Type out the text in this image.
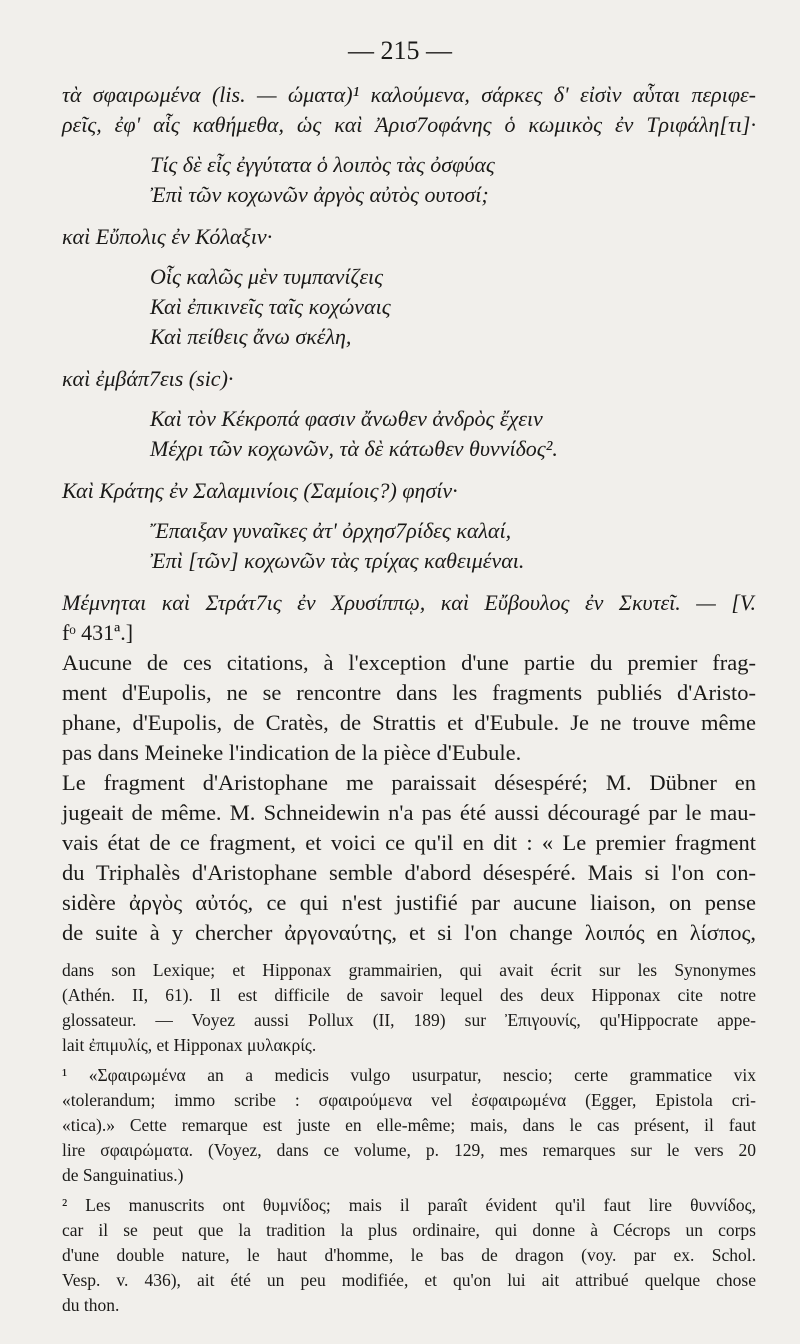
— 215 —
τὰ σφαιρωμένα (lis. — ώματα)¹ καλούμενα, σάρκες δ' εἰσὶν αὗται περιφε-
ρεῖς, ἐφ' αἷς καθήμεθα, ὡς καὶ Ἀρισ7οφάνης ὁ κωμικὸς ἐν Τριφάλη[τι]·
Τίς δὲ εἶς ἐγγύτατα ὁ λοιπὸς τὰς ὀσφύας
Ἐπὶ τῶν κοχωνῶν ἀργὸς αὐτὸς ουτοσί;
καὶ Εὔπολις ἐν Κόλαξιν·
Οἷς καλῶς μὲν τυμπανίζεις
Καὶ ἐπικινεῖς ταῖς κοχώναις
Καὶ πείθεις ἄνω σκέλη,
καὶ ἐμβάπ7ειs (sic)·
Καὶ τὸν Κέκροπά φασιν ἄνωθεν ἀνδρὸς ἔχειν
Μέχρι τῶν κοχωνῶν, τὰ δὲ κάτωθεν θυννίδος².
Καὶ Κράτης ἐν Σαλαμινίοις (Σαμίοις?) φησίν·
Ἔπαιξαν γυναῖκες ἀτ' ὀρχησ7ρίδες καλαί,
Ἐπὶ [τῶν] κοχωνῶν τὰς τρίχας καθειμέναι.
Μέμνηται καὶ Στράτ7ις ἐν Χρυσίππῳ, καὶ Εὔβουλος ἐν Σκυτεῖ. — [V.
fᵒ 431ª.]
Aucune de ces citations, à l'exception d'une partie du premier frag-
ment d'Eupolis, ne se rencontre dans les fragments publiés d'Aristo-
phane, d'Eupolis, de Cratès, de Strattis et d'Eubule. Je ne trouve même
pas dans Meineke l'indication de la pièce d'Eubule.
Le fragment d'Aristophane me paraissait désespéré; M. Dübner en
jugeait de même. M. Schneidewin n'a pas été aussi découragé par le mau-
vais état de ce fragment, et voici ce qu'il en dit : « Le premier fragment
du Triphalès d'Aristophane semble d'abord désespéré. Mais si l'on con-
sidère ἀργὸς αὐτός, ce qui n'est justifié par aucune liaison, on pense
de suite à y chercher ἀργοναύτης, et si l'on change λοιπός en λίσπος,
dans son Lexique; et Hipponax grammairien, qui avait écrit sur les Synonymes
(Athén. II, 61). Il est difficile de savoir lequel des deux Hipponax cite notre
glossateur. — Voyez aussi Pollux (II, 189) sur Ἐπιγουνίς, qu'Hippocrate appe-
lait ἐπιμυλίς, et Hipponax μυλακρίς.
¹ «Σφαιρωμένα an a medicis vulgo usurpatur, nescio; certe grammatice vix
«tolerandum; immo scribe : σφαιρούμενα vel ἐσφαιρωμένα (Egger, Epistola cri-
«tica).» Cette remarque est juste en elle-même; mais, dans le cas présent, il faut
lire σφαιρώματα. (Voyez, dans ce volume, p. 129, mes remarques sur le vers 20
de Sanguinatius.)
² Les manuscrits ont θυμνίδος; mais il paraît évident qu'il faut lire θυννίδος,
car il se peut que la tradition la plus ordinaire, qui donne à Cécrops un corps
d'une double nature, le haut d'homme, le bas de dragon (voy. par ex. Schol.
Vesp. v. 436), ait été un peu modifiée, et qu'on lui ait attribué quelque chose
du thon.
